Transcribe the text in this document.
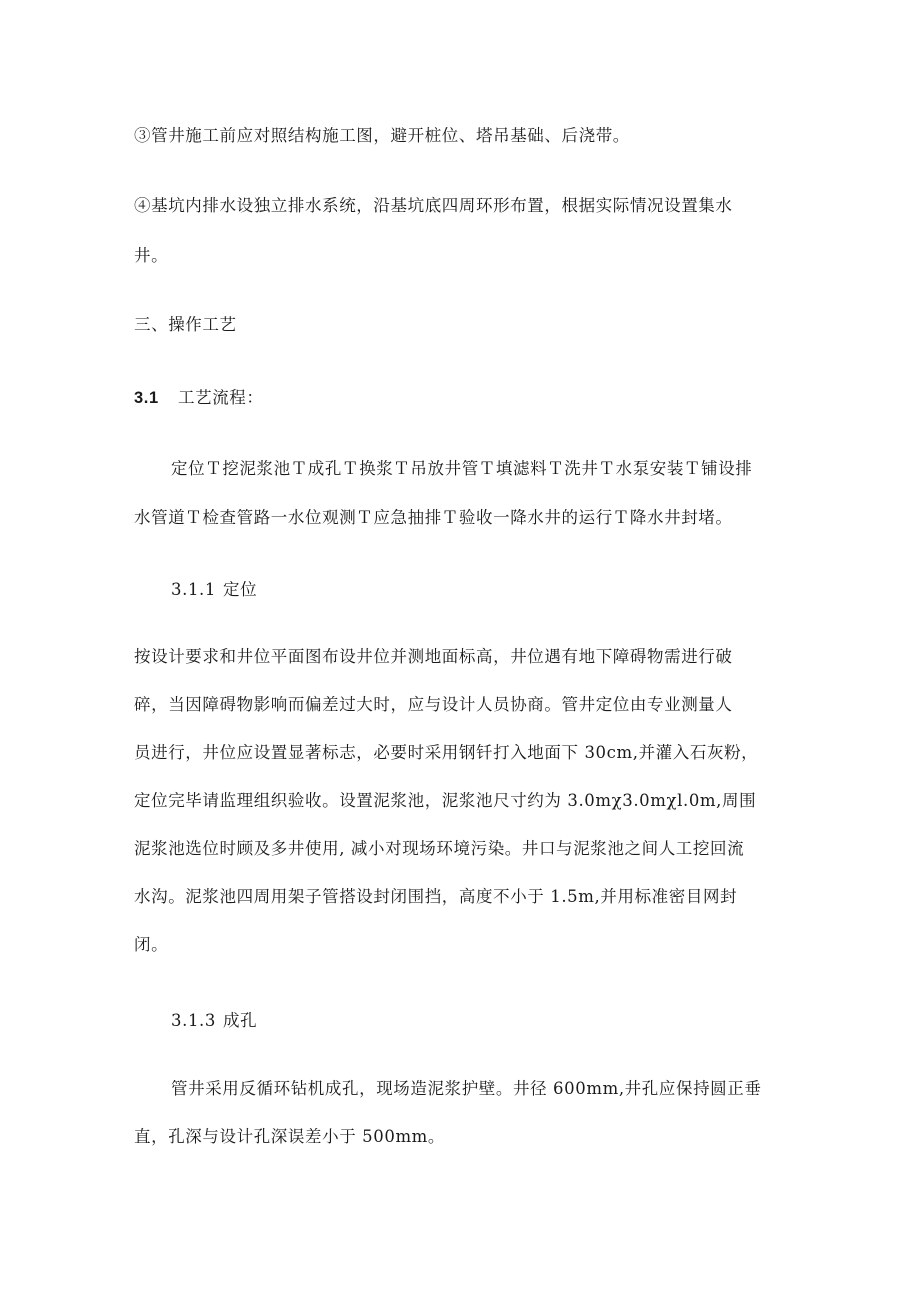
③管井施工前应对照结构施工图，避开桩位、塔吊基础、后浇带。
④基坑内排水设独立排水系统，沿基坑底四周环形布置，根据实际情况设置集水
井。
三、操作工艺
3.1 工艺流程：
定位Ｔ挖泥浆池Ｔ成孔Ｔ换浆Ｔ吊放井管Ｔ填滤料Ｔ洗井Ｔ水泵安装Ｔ铺设排
水管道Ｔ检查管路一水位观测Ｔ应急抽排Ｔ验收一降水井的运行Ｔ降水井封堵。
3.1.1 定位
按设计要求和井位平面图布设井位并测地面标高，井位遇有地下障碍物需进行破
碎，当因障碍物影响而偏差过大时，应与设计人员协商。管井定位由专业测量人
员进行，井位应设置显著标志，必要时采用钢钎打入地面下 30cm,并灌入石灰粉，
定位完毕请监理组织验收。设置泥浆池，泥浆池尺寸约为 3.0mχ3.0mχl.0m,周围
泥浆池选位时顾及多井使用, 减小对现场环境污染。井口与泥浆池之间人工挖回流
水沟。泥浆池四周用架子管搭设封闭围挡，高度不小于 1.5m,并用标准密目网封
闭。
3.1.3 成孔
管井采用反循环钻机成孔，现场造泥浆护壁。井径 600mm,井孔应保持圆正垂
直，孔深与设计孔深误差小于 500mm。
